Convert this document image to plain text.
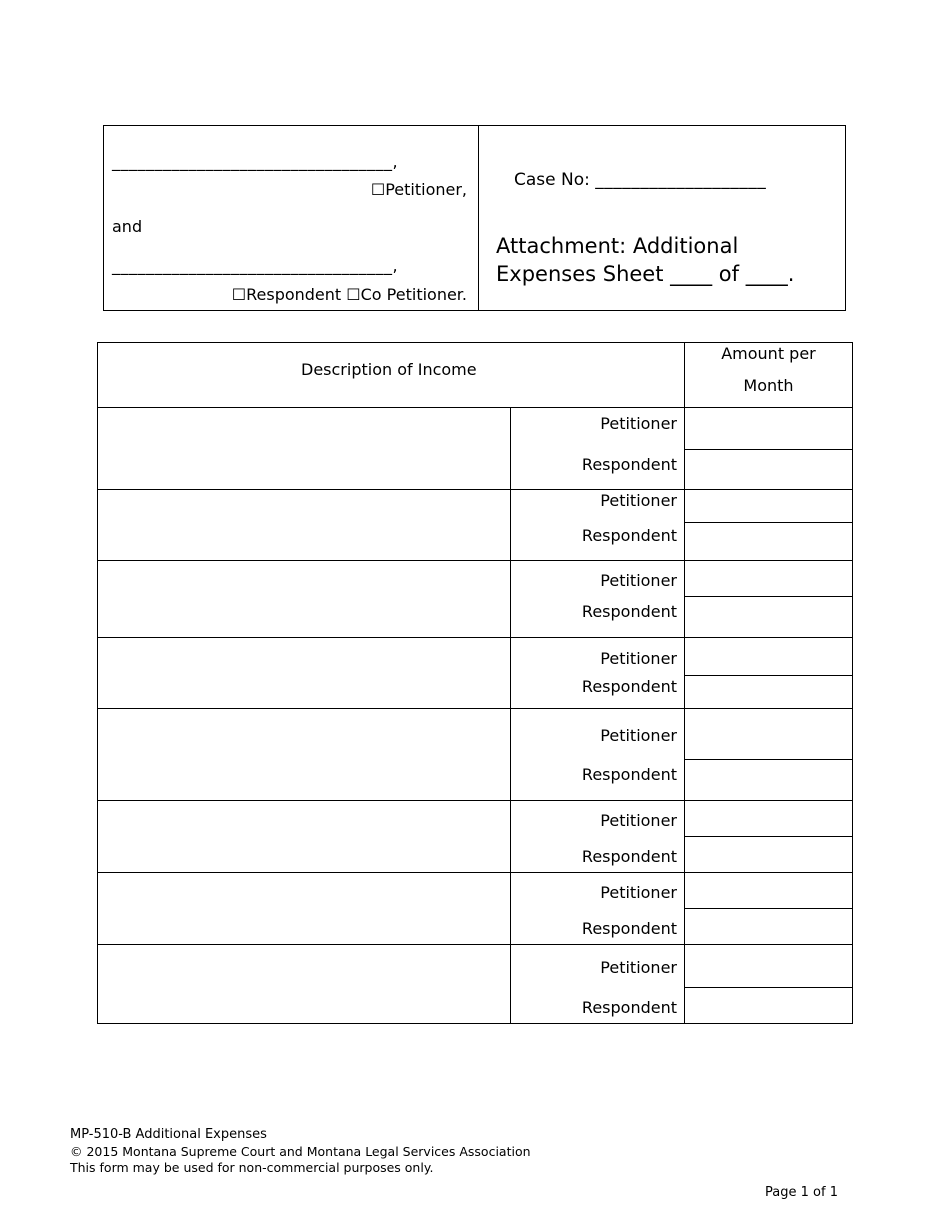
_________________________________,
☐Petitioner,
and
_________________________________,
☐Respondent ☐Co Petitioner.
Case No: ___________________
Attachment: Additional
Expenses Sheet ____ of ____.
Description of Income
Amount per
Month
Petitioner
Respondent
Petitioner
Respondent
Petitioner
Respondent
Petitioner
Respondent
Petitioner
Respondent
Petitioner
Respondent
Petitioner
Respondent
Petitioner
Respondent
MP-510-B Additional Expenses
© 2015 Montana Supreme Court and Montana Legal Services Association
This form may be used for non-commercial purposes only.
Page 1 of 1
